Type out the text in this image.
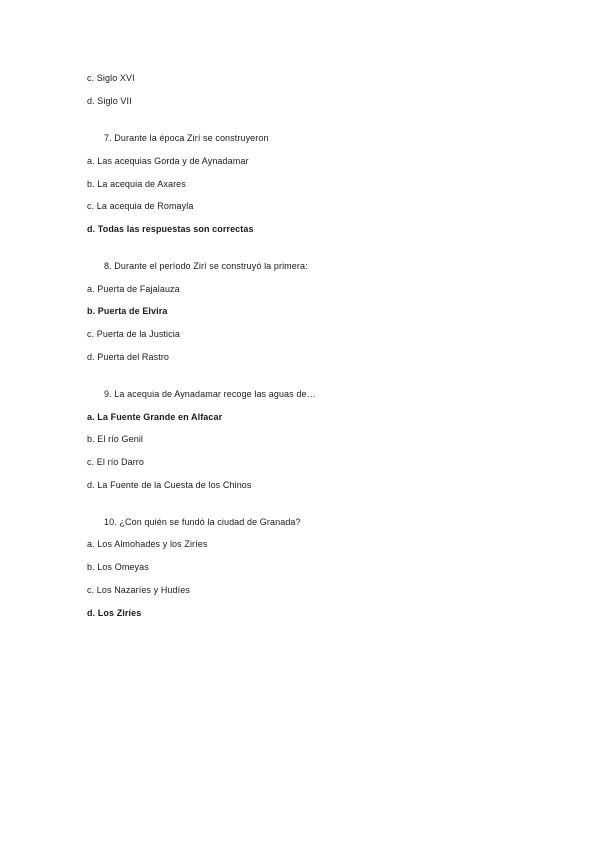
c. Siglo XVI
d. Siglo VII
7. Durante la época Zirí se construyeron
a. Las acequias Gorda y de Aynadamar
b. La acequia de Axares
c. La acequia de Romayla
d. Todas las respuestas son correctas
8. Durante el período Zirí se construyó la primera:
a. Puerta de Fajalauza
b. Puerta de Elvira
c. Puerta de la Justicia
d. Puerta del Rastro
9. La acequia de Aynadamar recoge las aguas de…
a. La Fuente Grande en Alfacar
b. El río Genil
c. El río Darro
d. La Fuente de la Cuesta de los Chinos
10. ¿Con quién se fundó la ciudad de Granada?
a. Los Almohades y los Ziríes
b. Los Omeyas
c. Los Nazaríes y Hudíes
d. Los Ziríes
